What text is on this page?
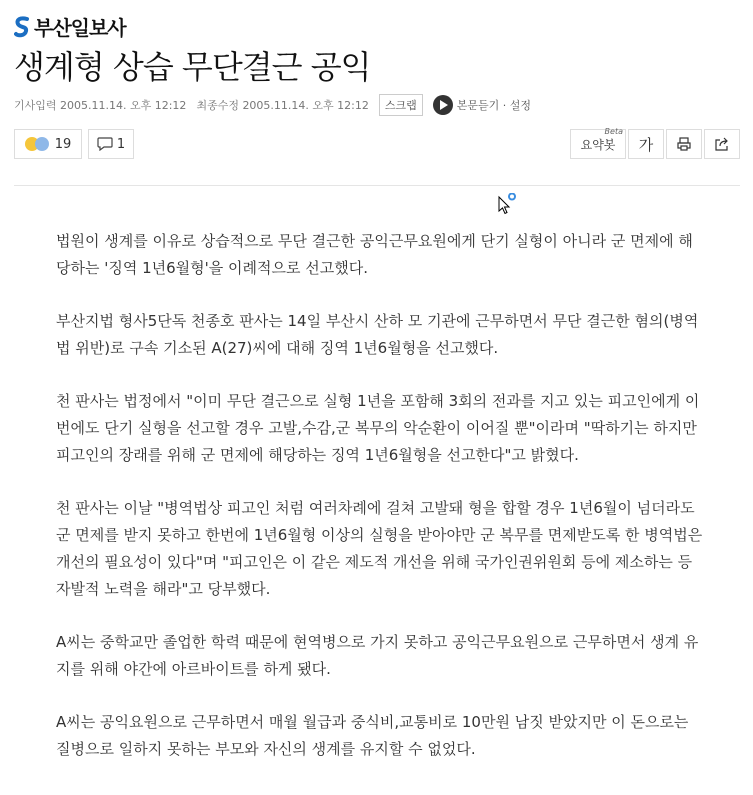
부산일보사
생계형 상습 무단결근 공익
기사입력 2005.11.14. 오후 12:12 최종수정 2005.11.14. 오후 12:12	스크랩	본문듣기 · 설정
19	1	요약봇
Beta
가

법원이 생계를 이유로 상습적으로 무단 결근한 공익근무요원에게 단기 실형이 아니라 군 면제에 해당하는 '징역 1년6월형'을 이례적으로 선고했다.

부산지법 형사5단독 천종호 판사는 14일 부산시 산하 모 기관에 근무하면서 무단 결근한 혐의(병역법 위반)로 구속 기소된 A(27)씨에 대해 징역 1년6월형을 선고했다.

천 판사는 법정에서 "이미 무단 결근으로 실형 1년을 포함해 3회의 전과를 지고 있는 피고인에게 이번에도 단기 실형을 선고할 경우 고발,수감,군 복무의 악순환이 이어질 뿐"이라며 "딱하기는 하지만 피고인의 장래를 위해 군 면제에 해당하는 징역 1년6월형을 선고한다"고 밝혔다.

천 판사는 이날 "병역법상 피고인 처럼 여러차례에 걸쳐 고발돼 형을 합할 경우 1년6월이 넘더라도 군 면제를 받지 못하고 한번에 1년6월형 이상의 실형을 받아야만 군 복무를 면제받도록 한 병역법은 개선의 필요성이 있다"며 "피고인은 이 같은 제도적 개선을 위해 국가인권위원회 등에 제소하는 등 자발적 노력을 해라"고 당부했다.

A씨는 중학교만 졸업한 학력 때문에 현역병으로 가지 못하고 공익근무요원으로 근무하면서 생계 유지를 위해 야간에 아르바이트를 하게 됐다.

A씨는 공익요원으로 근무하면서 매월 월급과 중식비,교통비로 10만원 남짓 받았지만 이 돈으로는 질병으로 일하지 못하는 부모와 자신의 생계를 유지할 수 없었다.
